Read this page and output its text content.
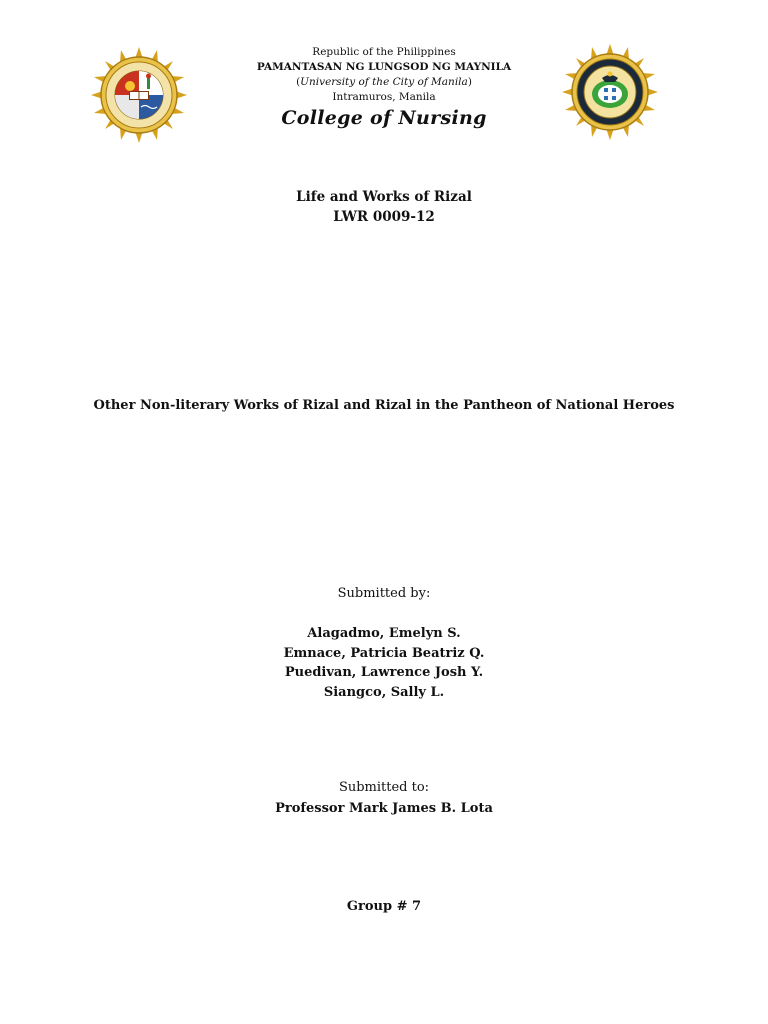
Republic of the Philippines
PAMANTASAN NG LUNGSOD NG MAYNILA
(University of the City of Manila)
Intramuros, Manila
College of Nursing
Life and Works of Rizal
LWR 0009-12
Other Non-literary Works of Rizal and Rizal in the Pantheon of National Heroes
Submitted by:
Alagadmo, Emelyn S.
Emnace, Patricia Beatriz Q.
Puedivan, Lawrence Josh Y.
Siangco, Sally L.
Submitted to:
Professor Mark James B. Lota
Group # 7
